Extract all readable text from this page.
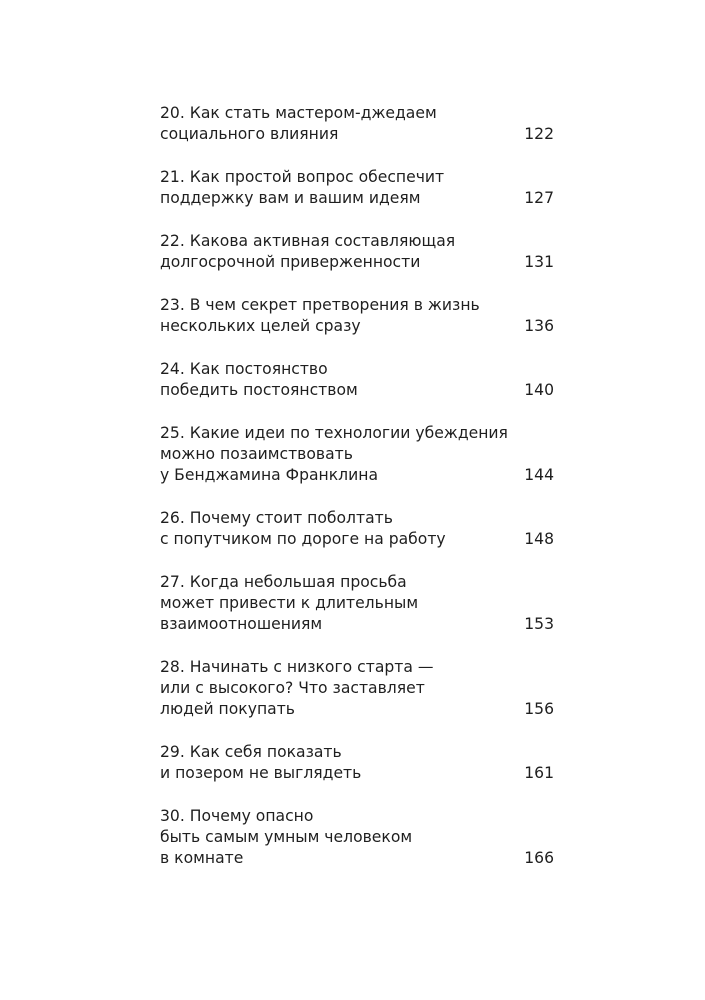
20. Как стать мастером-джедаем
социального влияния	122
21. Как простой вопрос обеспечит
поддержку вам и вашим идеям	127
22. Какова активная составляющая
долгосрочной приверженности	131
23. В чем секрет претворения в жизнь
нескольких целей сразу	136
24. Как постоянство
победить постоянством	140
25. Какие идеи по технологии убеждения
можно позаимствовать
у Бенджамина Франклина	144
26. Почему стоит поболтать
с попутчиком по дороге на работу	148
27. Когда небольшая просьба
может привести к длительным
взаимоотношениям	153
28. Начинать с низкого старта —
или с высокого? Что заставляет
людей покупать	156
29. Как себя показать
и позером не выглядеть	161
30. Почему опасно
быть самым умным человеком
в комнате	166
